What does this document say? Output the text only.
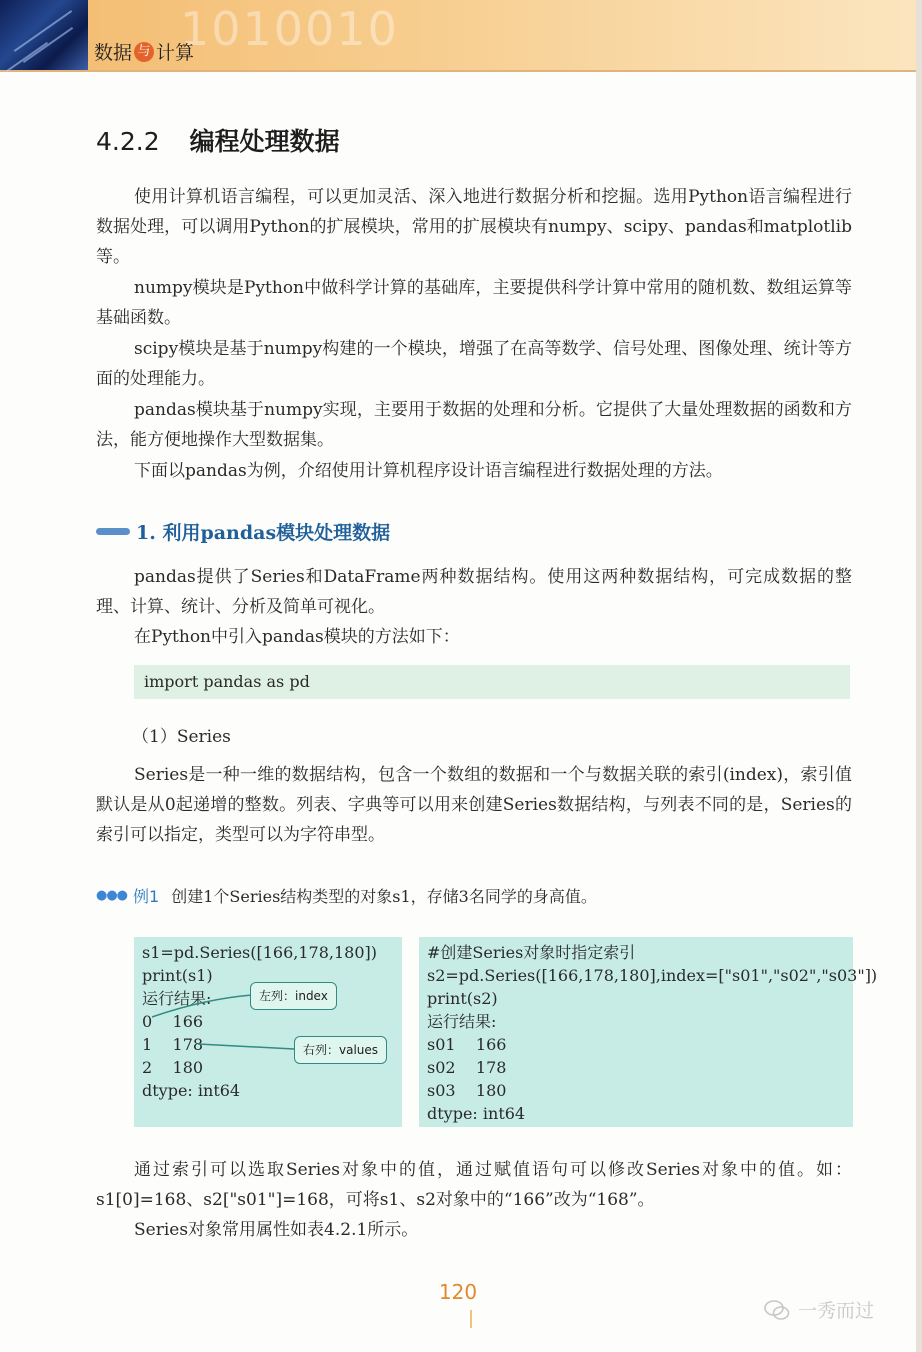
1010010
数据 与 计算
4.2.2 编程处理数据

使用计算机语言编程，可以更加灵活、深入地进行数据分析和挖掘。选用Python语言编程进行数据处理，可以调用Python的扩展模块，常用的扩展模块有numpy、scipy、pandas和matplotlib等。

numpy模块是Python中做科学计算的基础库，主要提供科学计算中常用的随机数、数组运算等基础函数。

scipy模块是基于numpy构建的一个模块，增强了在高等数学、信号处理、图像处理、统计等方面的处理能力。

pandas模块基于numpy实现，主要用于数据的处理和分析。它提供了大量处理数据的函数和方法，能方便地操作大型数据集。

下面以pandas为例，介绍使用计算机程序设计语言编程进行数据处理的方法。

1. 利用pandas模块处理数据

pandas提供了Series和DataFrame两种数据结构。使用这两种数据结构，可完成数据的整理、计算、统计、分析及简单可视化。

在Python中引入pandas模块的方法如下：

import pandas as pd
（1）Series

Series是一种一维的数据结构，包含一个数组的数据和一个与数据关联的索引(index)，索引值默认是从0起递增的整数。列表、字典等可以用来创建Series数据结构，与列表不同的是，Series的索引可以指定，类型可以为字符串型。

●●● 例1 创建1个Series结构类型的对象s1，存储3名同学的身高值。
s1=pd.Series([166,178,180])
print(s1)
运行结果:
0    166
1    178
2    180
dtype: int64
左列：index
右列：values
#创建Series对象时指定索引
s2=pd.Series([166,178,180],index=["s01","s02","s03"])
print(s2)
运行结果:
s01    166
s02    178
s03    180
dtype: int64

通过索引可以选取Series对象中的值，通过赋值语句可以修改Series对象中的值。如：s1[0]=168、s2["s01"]=168，可将s1、s2对象中的“166”改为“168”。

Series对象常用属性如表4.2.1所示。

120
一秀而过
